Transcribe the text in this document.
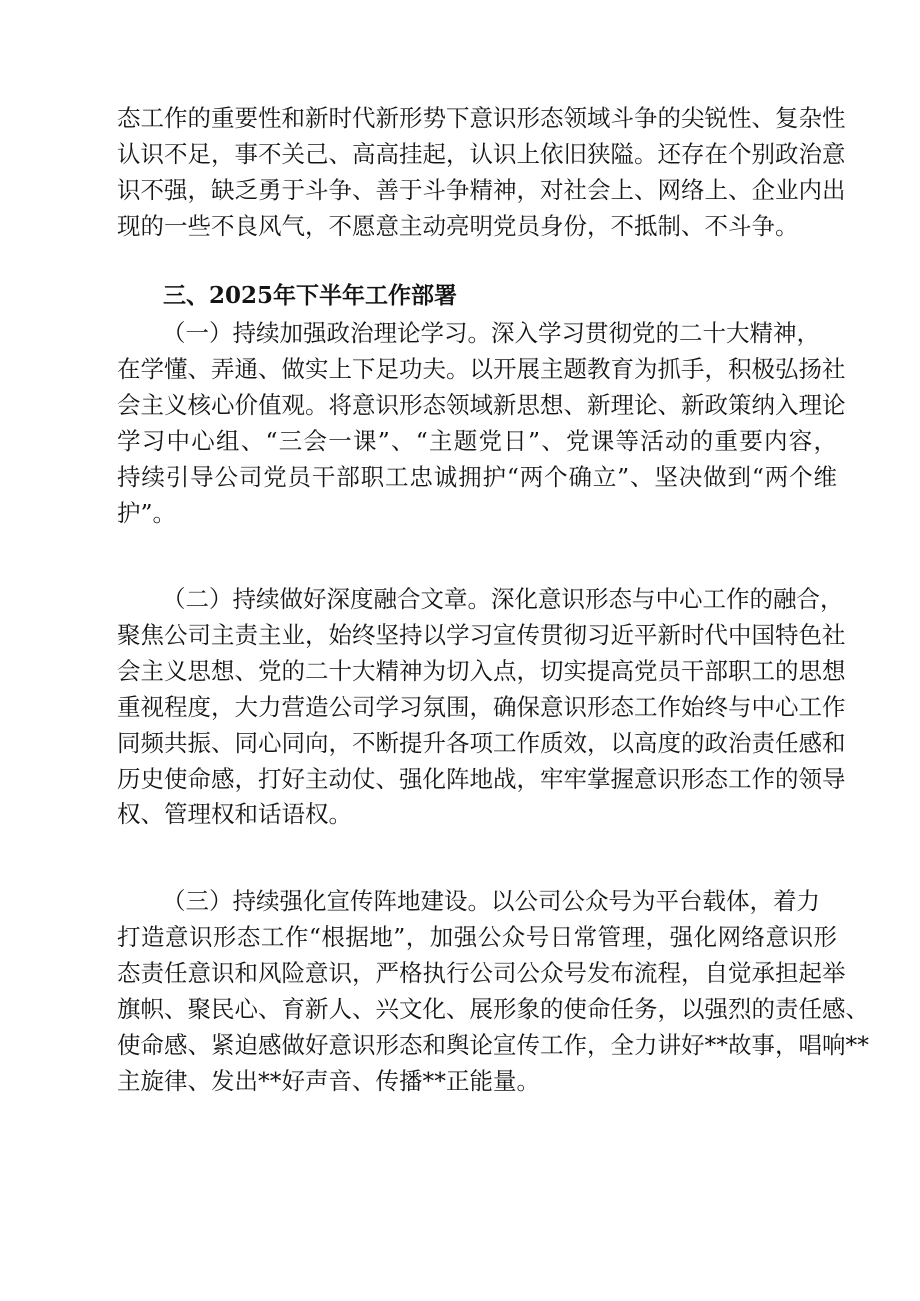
态工作的重要性和新时代新形势下意识形态领域斗争的尖锐性、复杂性
认识不足，事不关己、高高挂起，认识上依旧狭隘。还存在个别政治意
识不强，缺乏勇于斗争、善于斗争精神，对社会上、网络上、企业内出
现的一些不良风气，不愿意主动亮明党员身份，不抵制、不斗争。
三、2025年下半年工作部署
（一）持续加强政治理论学习。深入学习贯彻党的二十大精神，
在学懂、弄通、做实上下足功夫。以开展主题教育为抓手，积极弘扬社
会主义核心价值观。将意识形态领域新思想、新理论、新政策纳入理论
学习中心组、“三会一课”、“主题党日”、党课等活动的重要内容，
持续引导公司党员干部职工忠诚拥护“两个确立”、坚决做到“两个维
护”。
（二）持续做好深度融合文章。深化意识形态与中心工作的融合，
聚焦公司主责主业，始终坚持以学习宣传贯彻习近平新时代中国特色社
会主义思想、党的二十大精神为切入点，切实提高党员干部职工的思想
重视程度，大力营造公司学习氛围，确保意识形态工作始终与中心工作
同频共振、同心同向，不断提升各项工作质效，以高度的政治责任感和
历史使命感，打好主动仗、强化阵地战，牢牢掌握意识形态工作的领导
权、管理权和话语权。
（三）持续强化宣传阵地建设。以公司公众号为平台载体，着力
打造意识形态工作“根据地”，加强公众号日常管理，强化网络意识形
态责任意识和风险意识，严格执行公司公众号发布流程，自觉承担起举
旗帜、聚民心、育新人、兴文化、展形象的使命任务，以强烈的责任感、
使命感、紧迫感做好意识形态和舆论宣传工作，全力讲好**故事，唱响**
主旋律、发出**好声音、传播**正能量。
